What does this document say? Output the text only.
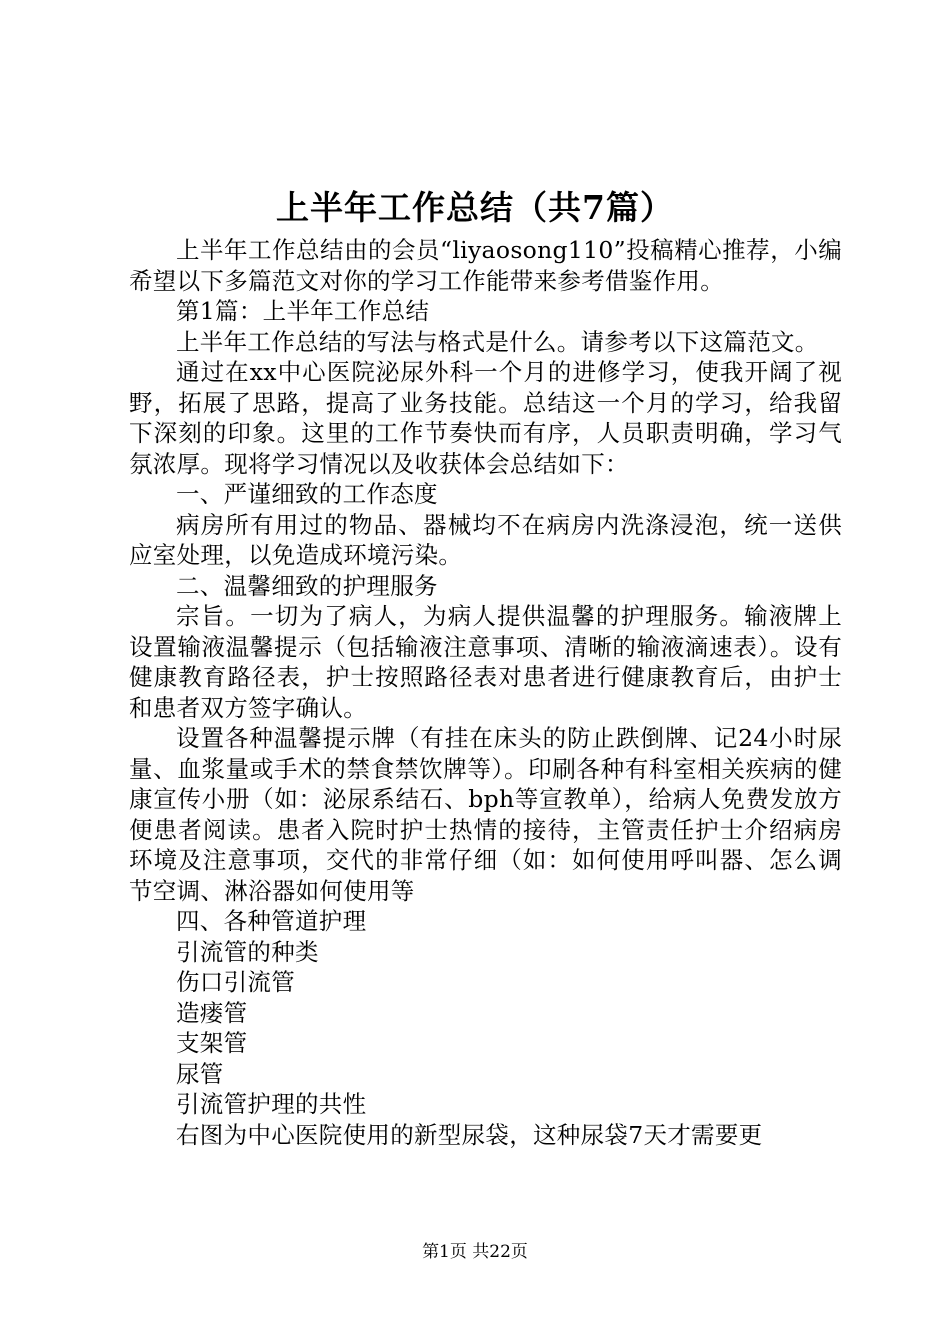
上半年工作总结（共7篇）

上半年工作总结由的会员“liyaosong110”投稿精心推荐，小编希望以下多篇范文对你的学习工作能带来参考借鉴作用。

第1篇：上半年工作总结

上半年工作总结的写法与格式是什么。请参考以下这篇范文。

通过在xx中心医院泌尿外科一个月的进修学习，使我开阔了视野，拓展了思路，提高了业务技能。总结这一个月的学习，给我留下深刻的印象。这里的工作节奏快而有序，人员职责明确，学习气氛浓厚。现将学习情况以及收获体会总结如下：

一、严谨细致的工作态度

病房所有用过的物品、器械均不在病房内洗涤浸泡，统一送供应室处理，以免造成环境污染。

二、温馨细致的护理服务

宗旨。一切为了病人，为病人提供温馨的护理服务。输液牌上设置输液温馨提示（包括输液注意事项、清晰的输液滴速表）。设有健康教育路径表，护士按照路径表对患者进行健康教育后，由护士和患者双方签字确认。

设置各种温馨提示牌（有挂在床头的防止跌倒牌、记24小时尿量、血浆量或手术的禁食禁饮牌等）。印刷各种有科室相关疾病的健康宣传小册（如：泌尿系结石、bph等宣教单），给病人免费发放方便患者阅读。患者入院时护士热情的接待，主管责任护士介绍病房环境及注意事项，交代的非常仔细（如：如何使用呼叫器、怎么调节空调、淋浴器如何使用等

四、各种管道护理

引流管的种类

伤口引流管

造瘘管

支架管

尿管

引流管护理的共性

右图为中心医院使用的新型尿袋，这种尿袋7天才需要更

第1页 共22页
